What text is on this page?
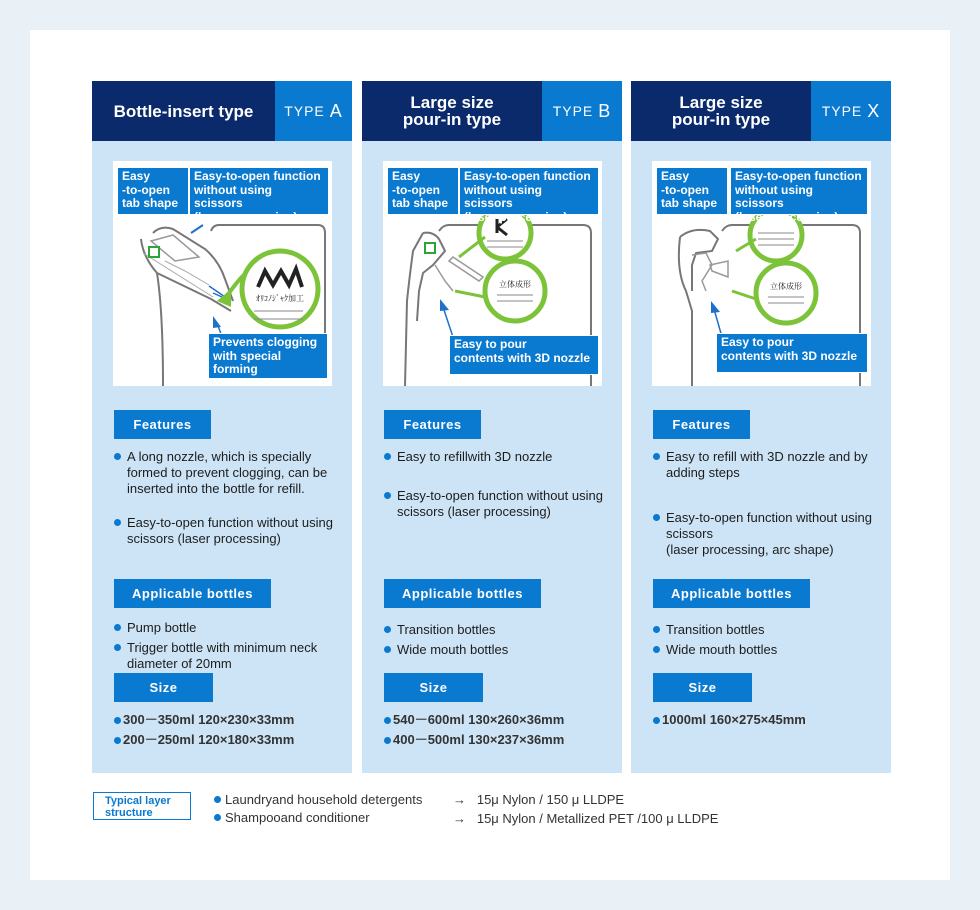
Bottle-insert type TYPE A
ｵﾘｺﾉｼﾞｬｸ加工
Easy
-to-open
tab shape
Easy-to-open function
without using scissors
(laser processing)
Prevents clogging
with special
forming
Features
A long nozzle, which is specially formed to prevent clogging, can be inserted into the bottle for refill.
Easy-to-open function without using scissors (laser processing)
Applicable bottles
Pump bottle
Trigger bottle with minimum neck diameter of 20mm
Size
300－350ml 120×230×33mm
200－250ml 120×180×33mm
Large size
pour-in type	TYPE B
立体成形
Easy
-to-open
tab shape
Easy-to-open function
without using scissors
(laser processing)
Easy to pour
contents with 3D nozzle
Features
Easy to refillwith 3D nozzle
Easy-to-open function without using scissors (laser processing)
Applicable bottles
Transition bottles
Wide mouth bottles
Size
540－600ml 130×260×36mm
400－500ml 130×237×36mm
Large size
pour-in type	TYPE X
立体成形
Easy
-to-open
tab shape
Easy-to-open function
without using scissors
(laser processing)
Easy to pour
contents with 3D nozzle
Features
Easy to refill with 3D nozzle and by adding steps
Easy-to-open function without using scissors
(laser processing, arc shape)
Applicable bottles
Transition bottles
Wide mouth bottles
Size
1000ml 160×275×45mm
Typical layer
structure
Laundryand household detergents → 15μ Nylon / 150 μ LLDPE
Shampooand conditioner	→ 15μ Nylon / Metallized PET /100 μ LLDPE
